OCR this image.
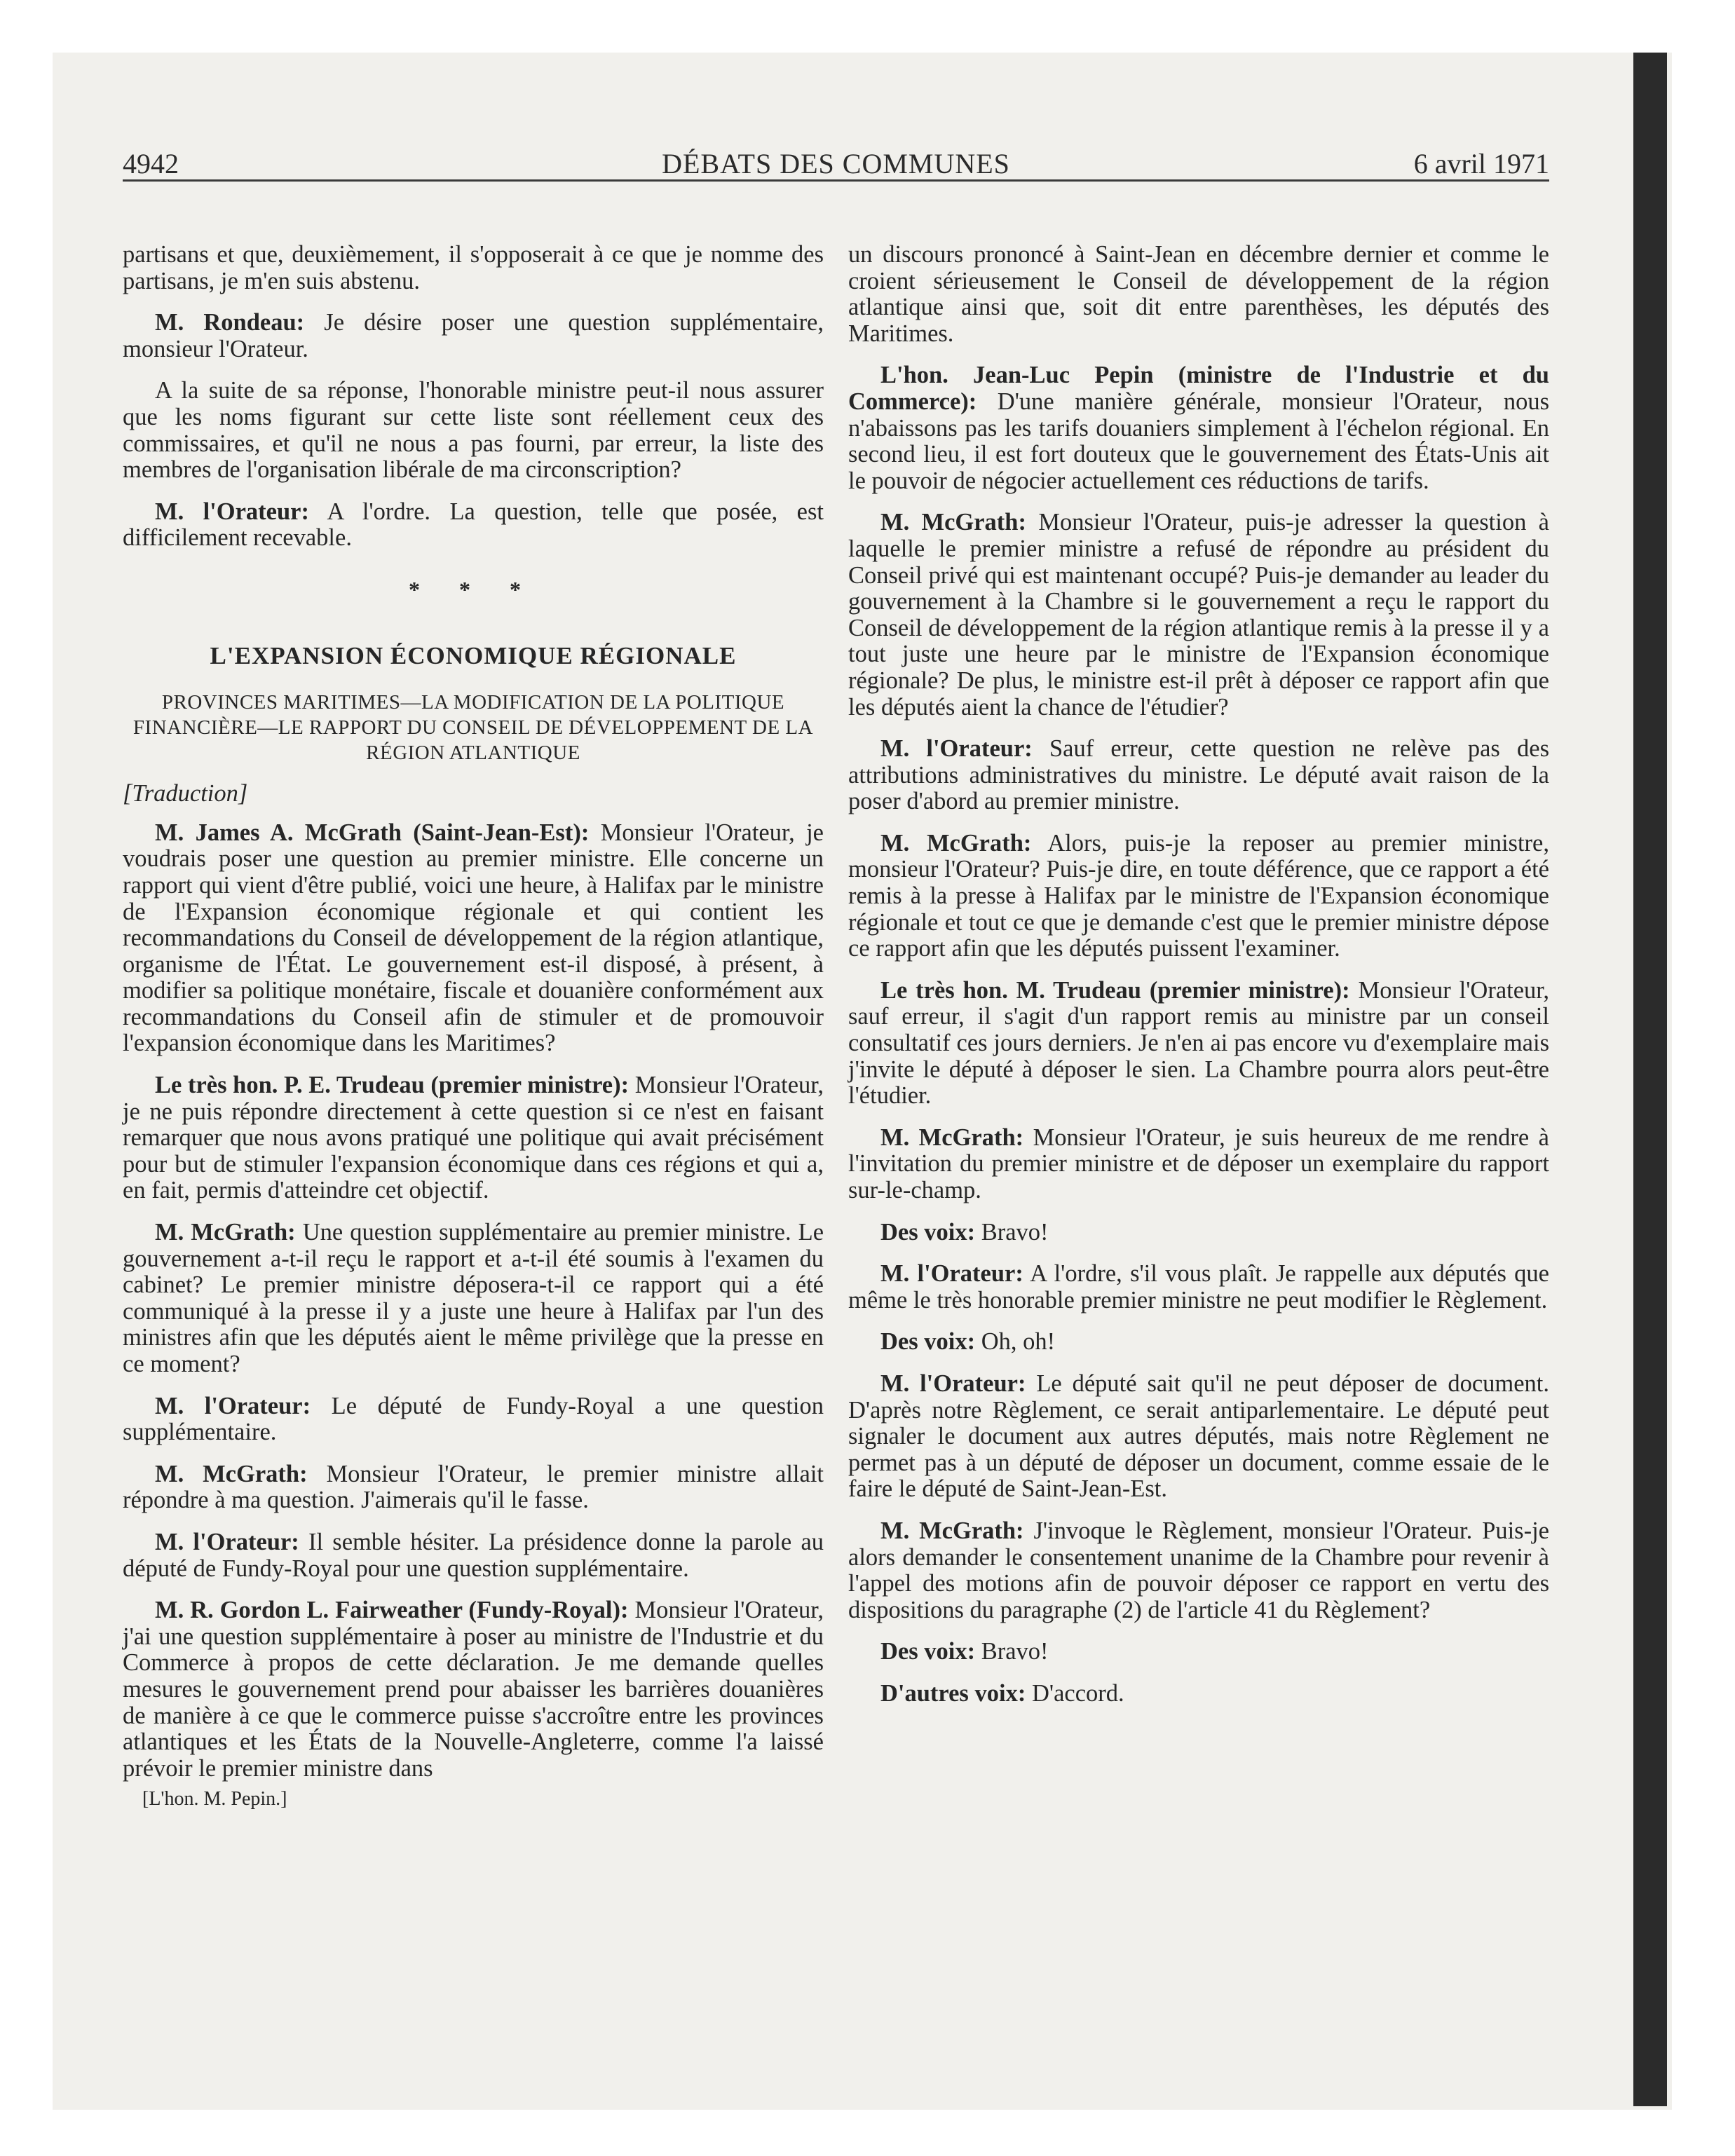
4942	DÉBATS DES COMMUNES	6 avril 1971

partisans et que, deuxièmement, il s'opposerait à ce que je nomme des partisans, je m'en suis abstenu.

M. Rondeau: Je désire poser une question supplémentaire, monsieur l'Orateur.

A la suite de sa réponse, l'honorable ministre peut-il nous assurer que les noms figurant sur cette liste sont réellement ceux des commissaires, et qu'il ne nous a pas fourni, par erreur, la liste des membres de l'organisation libérale de ma circonscription?

M. l'Orateur: A l'ordre. La question, telle que posée, est difficilement recevable.

* * *
L'EXPANSION ÉCONOMIQUE RÉGIONALE
PROVINCES MARITIMES—LA MODIFICATION DE LA POLITIQUE FINANCIÈRE—LE RAPPORT DU CONSEIL DE DÉVELOPPEMENT DE LA RÉGION ATLANTIQUE
[Traduction]

M. James A. McGrath (Saint-Jean-Est): Monsieur l'Orateur, je voudrais poser une question au premier ministre. Elle concerne un rapport qui vient d'être publié, voici une heure, à Halifax par le ministre de l'Expansion économique régionale et qui contient les recommandations du Conseil de développement de la région atlantique, organisme de l'État. Le gouvernement est-il disposé, à présent, à modifier sa politique monétaire, fiscale et douanière conformément aux recommandations du Conseil afin de stimuler et de promouvoir l'expansion économique dans les Maritimes?

Le très hon. P. E. Trudeau (premier ministre): Monsieur l'Orateur, je ne puis répondre directement à cette question si ce n'est en faisant remarquer que nous avons pratiqué une politique qui avait précisément pour but de stimuler l'expansion économique dans ces régions et qui a, en fait, permis d'atteindre cet objectif.

M. McGrath: Une question supplémentaire au premier ministre. Le gouvernement a-t-il reçu le rapport et a-t-il été soumis à l'examen du cabinet? Le premier ministre déposera-t-il ce rapport qui a été communiqué à la presse il y a juste une heure à Halifax par l'un des ministres afin que les députés aient le même privilège que la presse en ce moment?

M. l'Orateur: Le député de Fundy-Royal a une question supplémentaire.

M. McGrath: Monsieur l'Orateur, le premier ministre allait répondre à ma question. J'aimerais qu'il le fasse.

M. l'Orateur: Il semble hésiter. La présidence donne la parole au député de Fundy-Royal pour une question supplémentaire.

M. R. Gordon L. Fairweather (Fundy-Royal): Monsieur l'Orateur, j'ai une question supplémentaire à poser au ministre de l'Industrie et du Commerce à propos de cette déclaration. Je me demande quelles mesures le gouvernement prend pour abaisser les barrières douanières de manière à ce que le commerce puisse s'accroître entre les provinces atlantiques et les États de la Nouvelle-Angleterre, comme l'a laissé prévoir le premier ministre dans

[L'hon. M. Pepin.]

un discours prononcé à Saint-Jean en décembre dernier et comme le croient sérieusement le Conseil de développement de la région atlantique ainsi que, soit dit entre parenthèses, les députés des Maritimes.

L'hon. Jean-Luc Pepin (ministre de l'Industrie et du Commerce): D'une manière générale, monsieur l'Orateur, nous n'abaissons pas les tarifs douaniers simplement à l'échelon régional. En second lieu, il est fort douteux que le gouvernement des États-Unis ait le pouvoir de négocier actuellement ces réductions de tarifs.

M. McGrath: Monsieur l'Orateur, puis-je adresser la question à laquelle le premier ministre a refusé de répondre au président du Conseil privé qui est maintenant occupé? Puis-je demander au leader du gouvernement à la Chambre si le gouvernement a reçu le rapport du Conseil de développement de la région atlantique remis à la presse il y a tout juste une heure par le ministre de l'Expansion économique régionale? De plus, le ministre est-il prêt à déposer ce rapport afin que les députés aient la chance de l'étudier?

M. l'Orateur: Sauf erreur, cette question ne relève pas des attributions administratives du ministre. Le député avait raison de la poser d'abord au premier ministre.

M. McGrath: Alors, puis-je la reposer au premier ministre, monsieur l'Orateur? Puis-je dire, en toute déférence, que ce rapport a été remis à la presse à Halifax par le ministre de l'Expansion économique régionale et tout ce que je demande c'est que le premier ministre dépose ce rapport afin que les députés puissent l'examiner.

Le très hon. M. Trudeau (premier ministre): Monsieur l'Orateur, sauf erreur, il s'agit d'un rapport remis au ministre par un conseil consultatif ces jours derniers. Je n'en ai pas encore vu d'exemplaire mais j'invite le député à déposer le sien. La Chambre pourra alors peut-être l'étudier.

M. McGrath: Monsieur l'Orateur, je suis heureux de me rendre à l'invitation du premier ministre et de déposer un exemplaire du rapport sur-le-champ.

Des voix: Bravo!

M. l'Orateur: A l'ordre, s'il vous plaît. Je rappelle aux députés que même le très honorable premier ministre ne peut modifier le Règlement.

Des voix: Oh, oh!

M. l'Orateur: Le député sait qu'il ne peut déposer de document. D'après notre Règlement, ce serait antiparlementaire. Le député peut signaler le document aux autres députés, mais notre Règlement ne permet pas à un député de déposer un document, comme essaie de le faire le député de Saint-Jean-Est.

M. McGrath: J'invoque le Règlement, monsieur l'Orateur. Puis-je alors demander le consentement unanime de la Chambre pour revenir à l'appel des motions afin de pouvoir déposer ce rapport en vertu des dispositions du paragraphe (2) de l'article 41 du Règlement?

Des voix: Bravo!

D'autres voix: D'accord.
